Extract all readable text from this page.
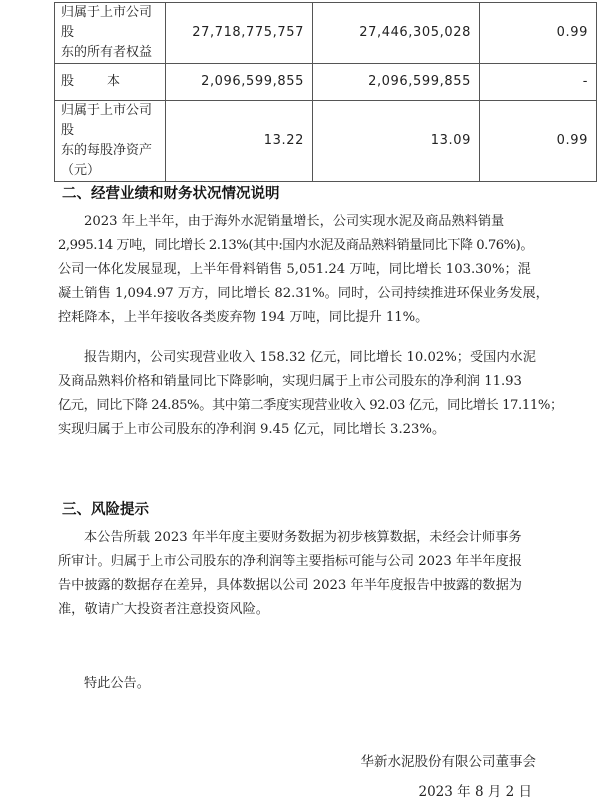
归属于上市公司股
东的所有者权益	27,718,775,757	27,446,305,028	0.99

股        本	2,096,599,855	2,096,599,855	-

归属于上市公司股
东的每股净资产
（元）	13.22	13.09	0.99
二、经营业绩和财务状况情况说明
2023 年上半年，由于海外水泥销量增长，公司实现水泥及商品熟料销量
2,995.14 万吨，同比增长 2.13%(其中:国内水泥及商品熟料销量同比下降 0.76%)。
公司一体化发展显现，上半年骨料销售 5,051.24 万吨，同比增长 103.30%；混
凝土销售 1,094.97 万方，同比增长 82.31%。同时，公司持续推进环保业务发展，
控耗降本，上半年接收各类废弃物 194 万吨，同比提升 11%。
报告期内，公司实现营业收入 158.32 亿元，同比增长 10.02%；受国内水泥
及商品熟料价格和销量同比下降影响，实现归属于上市公司股东的净利润 11.93
亿元，同比下降 24.85%。其中第二季度实现营业收入 92.03 亿元，同比增长 17.11%；
实现归属于上市公司股东的净利润 9.45 亿元，同比增长 3.23%。
三、风险提示
本公告所载 2023 年半年度主要财务数据为初步核算数据，未经会计师事务
所审计。归属于上市公司股东的净利润等主要指标可能与公司 2023 年半年度报
告中披露的数据存在差异，具体数据以公司 2023 年半年度报告中披露的数据为
准，敬请广大投资者注意投资风险。
特此公告。

华新水泥股份有限公司董事会

2023 年 8 月 2 日
